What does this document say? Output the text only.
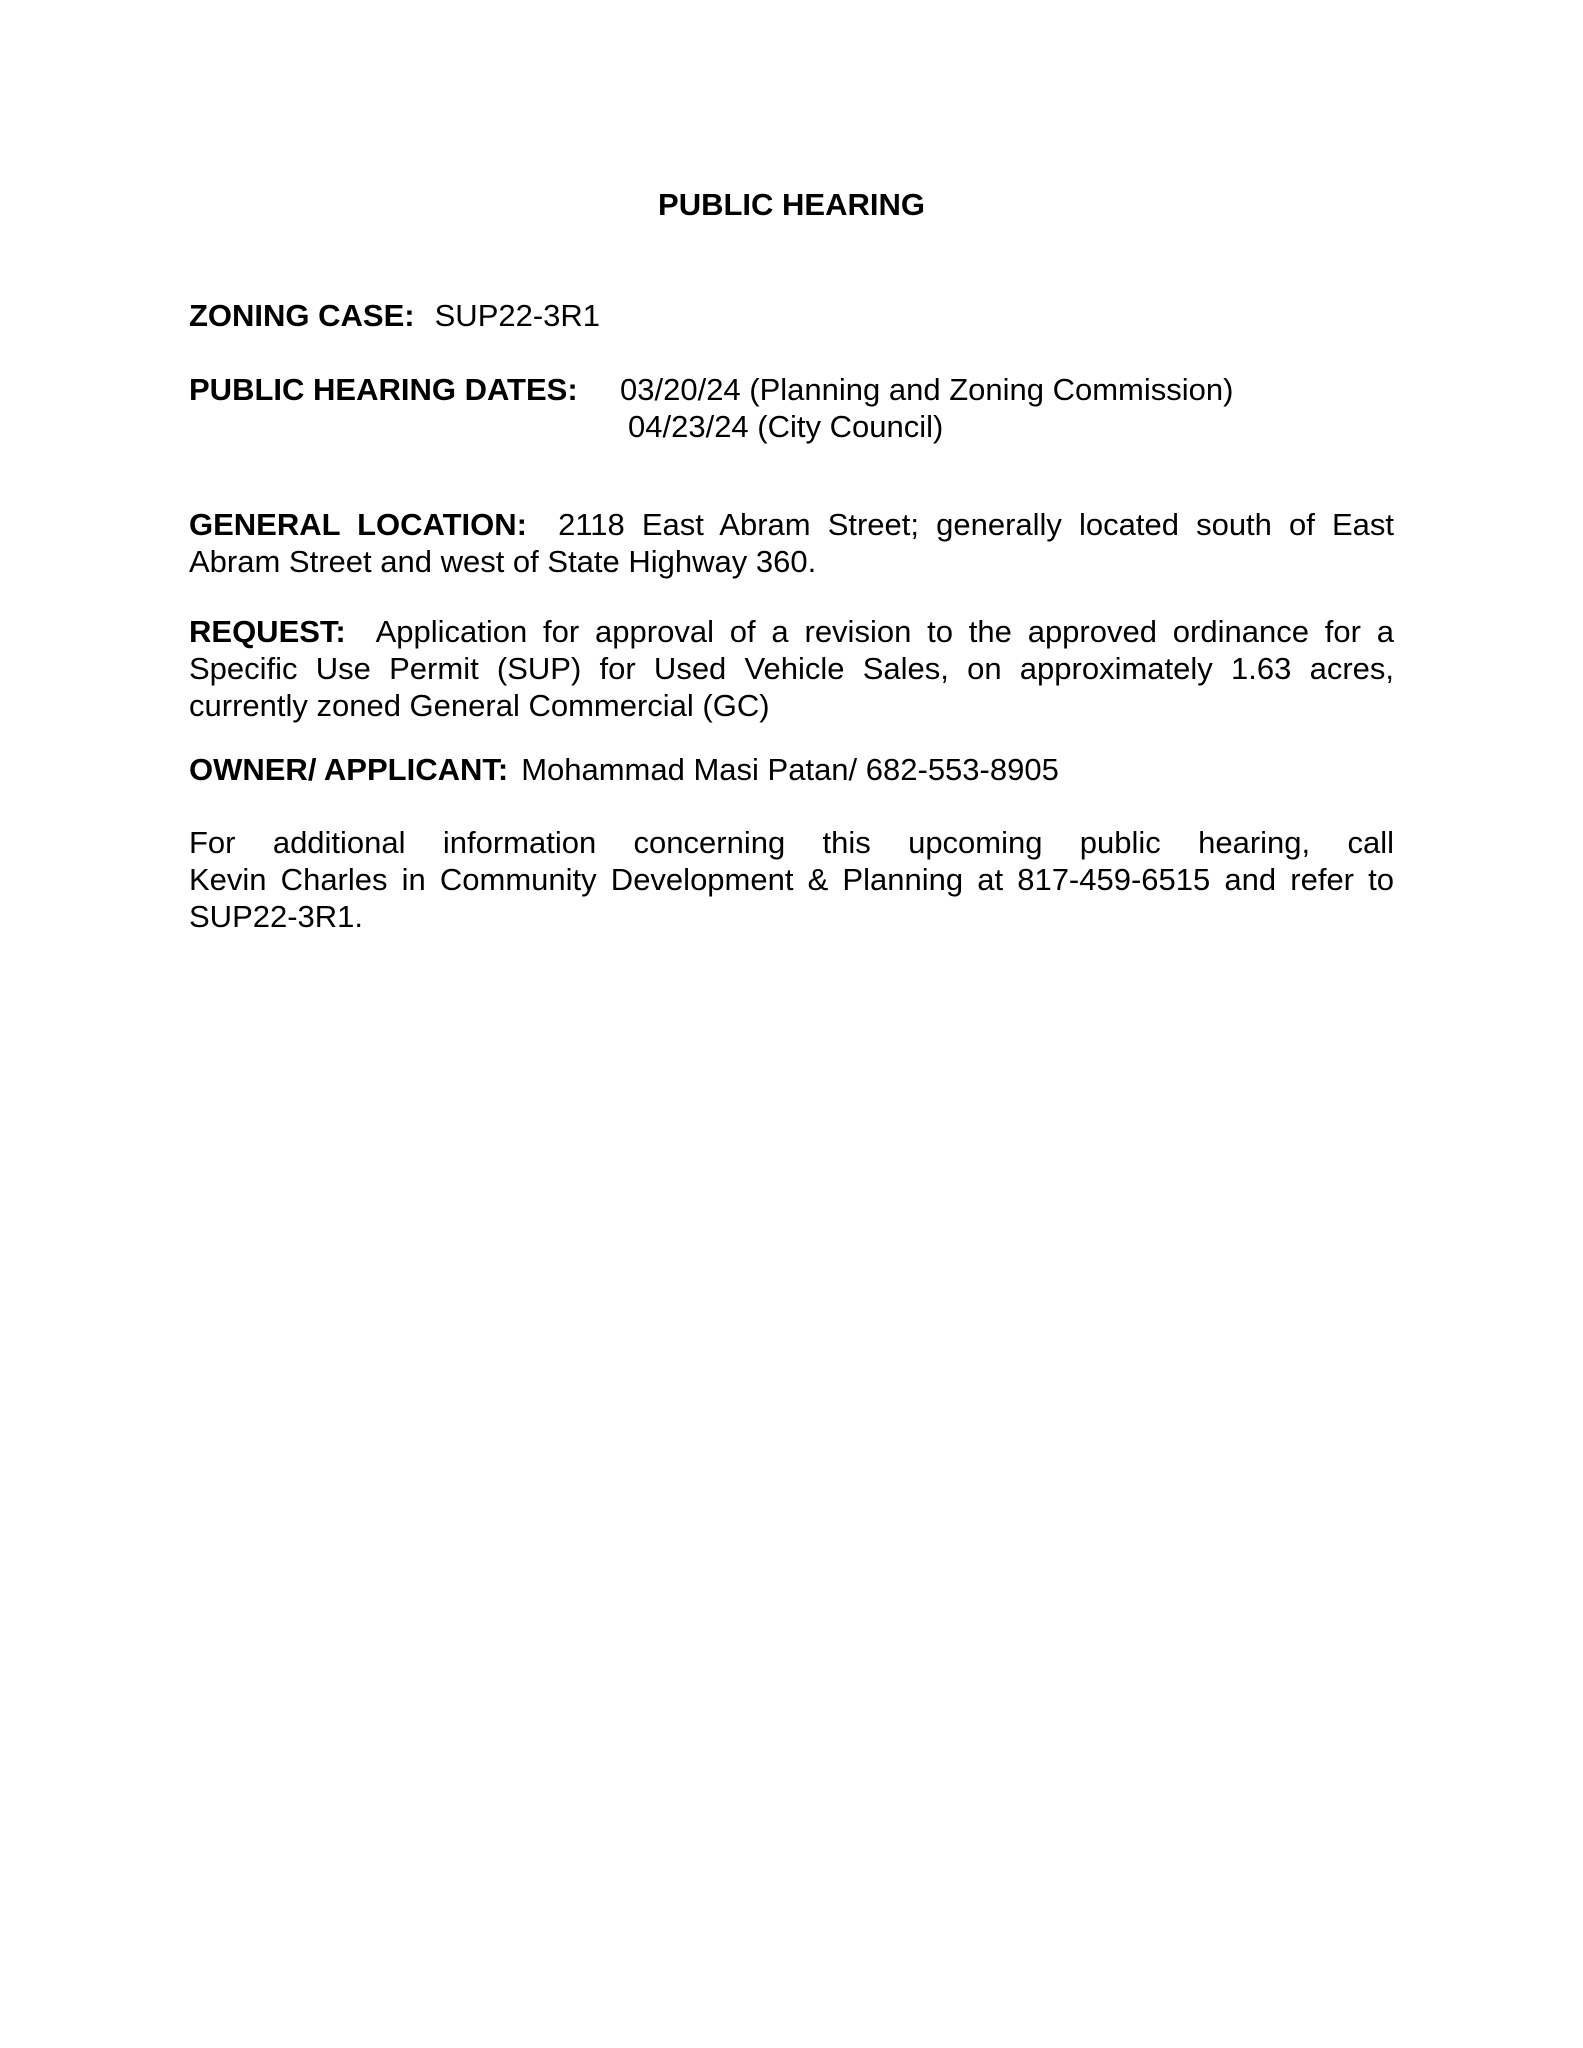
PUBLIC HEARING
ZONING CASE: SUP22-3R1
PUBLIC HEARING DATES:	03/20/24 (Planning and Zoning Commission)
04/23/24 (City Council)
GENERAL LOCATION: 2118 East Abram Street; generally located south of East
Abram Street and west of State Highway 360.
REQUEST: Application for approval of a revision to the approved ordinance for a
Specific Use Permit (SUP) for Used Vehicle Sales, on approximately 1.63 acres,
currently zoned General Commercial (GC)
OWNER/ APPLICANT: Mohammad Masi Patan/ 682-553-8905
For additional information concerning this upcoming public hearing, call
Kevin Charles in Community Development & Planning at 817-459-6515 and refer to
SUP22-3R1.
